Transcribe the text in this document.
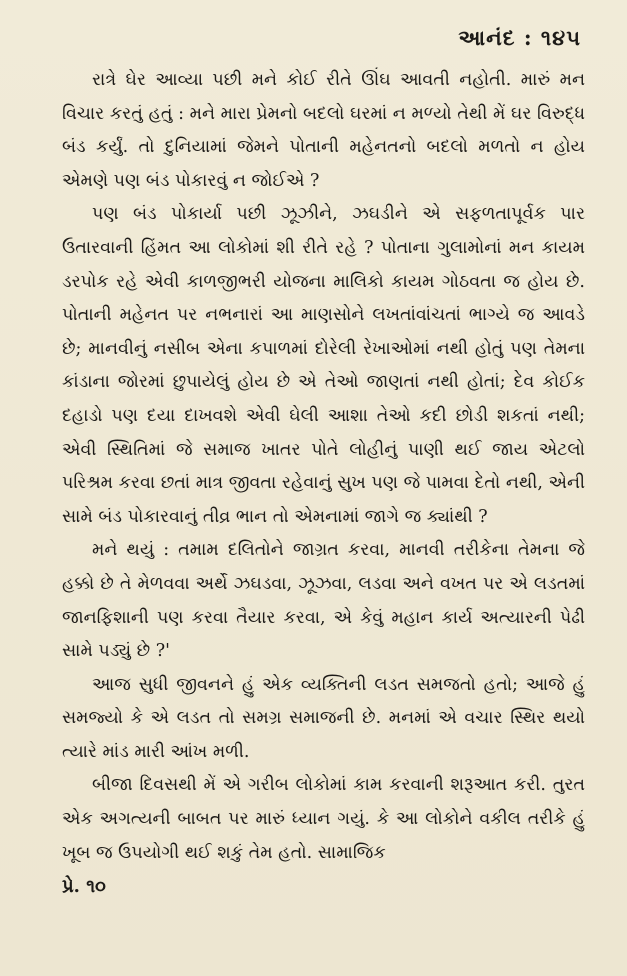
આનંદ : ૧૪૫

રાત્રે ઘેર આવ્યા પછી મને કોઈ રીતે ઊંઘ આવતી નહોતી. મારું મન વિચાર કરતું હતું : મને મારા પ્રેમનો બદલો ઘરમાં ન મળ્યો તેથી મેં ઘર વિરુદ્ધ બંડ કર્યું. તો દુનિયામાં જેમને પોતાની મહેનતનો બદલો મળતો ન હોય એમણે પણ બંડ પોકારવું ન જોઈએ ?

પણ બંડ પોકાર્યા પછી ઝૂઝીને, ઝઘડીને એ સફળતાપૂર્વક પાર ઉતારવાની હિંમત આ લોકોમાં શી રીતે રહે ? પોતાના ગુલામોનાં મન કાયમ ડરપોક રહે એવી કાળજીભરી યોજના માલિકો કાયમ ગોઠવતા જ હોય છે. પોતાની મહેનત પર નભનારાં આ માણસોને લખતાંવાંચતાં ભાગ્યે જ આવડે છે; માનવીનું નસીબ એના કપાળમાં દોરેલી રેખાઓમાં નથી હોતું પણ તેમના કાંડાના જોરમાં છુપાયેલું હોય છે એ તેઓ જાણતાં નથી હોતાં; દેવ કોઈક દહાડો પણ દયા દાખવશે એવી ઘેલી આશા તેઓ કદી છોડી શકતાં નથી; એવી સ્થિતિમાં જે સમાજ ખાતર પોતે લોહીનું પાણી થઈ જાય એટલો પરિશ્રમ કરવા છતાં માત્ર જીવતા રહેવાનું સુખ પણ જે પામવા દેતો નથી, એની સામે બંડ પોકારવાનું તીવ્ર ભાન તો એમનામાં જાગે જ ક્યાંથી ?

મને થયું : તમામ દલિતોને જાગ્રત કરવા, માનવી તરીકેના તેમના જે હક્કો છે તે મેળવવા અર્થે ઝઘડવા, ઝૂઝવા, લડવા અને વખત પર એ લડતમાં જાનફિશાની પણ કરવા તૈયાર કરવા, એ કેવું મહાન કાર્ય અત્યારની પેઢી સામે પડ્યું છે ?'

આજ સુધી જીવનને હું એક વ્યક્તિની લડત સમજતો હતો; આજે હું સમજ્યો કે એ લડત તો સમગ્ર સમાજની છે. મનમાં એ વચાર સ્થિર થયો ત્યારે માંડ મારી આંખ મળી.

બીજા દિવસથી મેં એ ગરીબ લોકોમાં કામ કરવાની શરૂઆત કરી. તુરત એક અગત્યની બાબત પર મારું ધ્યાન ગયું. કે આ લોકોને વકીલ તરીકે હું ખૂબ જ ઉપયોગી થઈ શકું તેમ હતો. સામાજિક

પ્રે. ૧૦
